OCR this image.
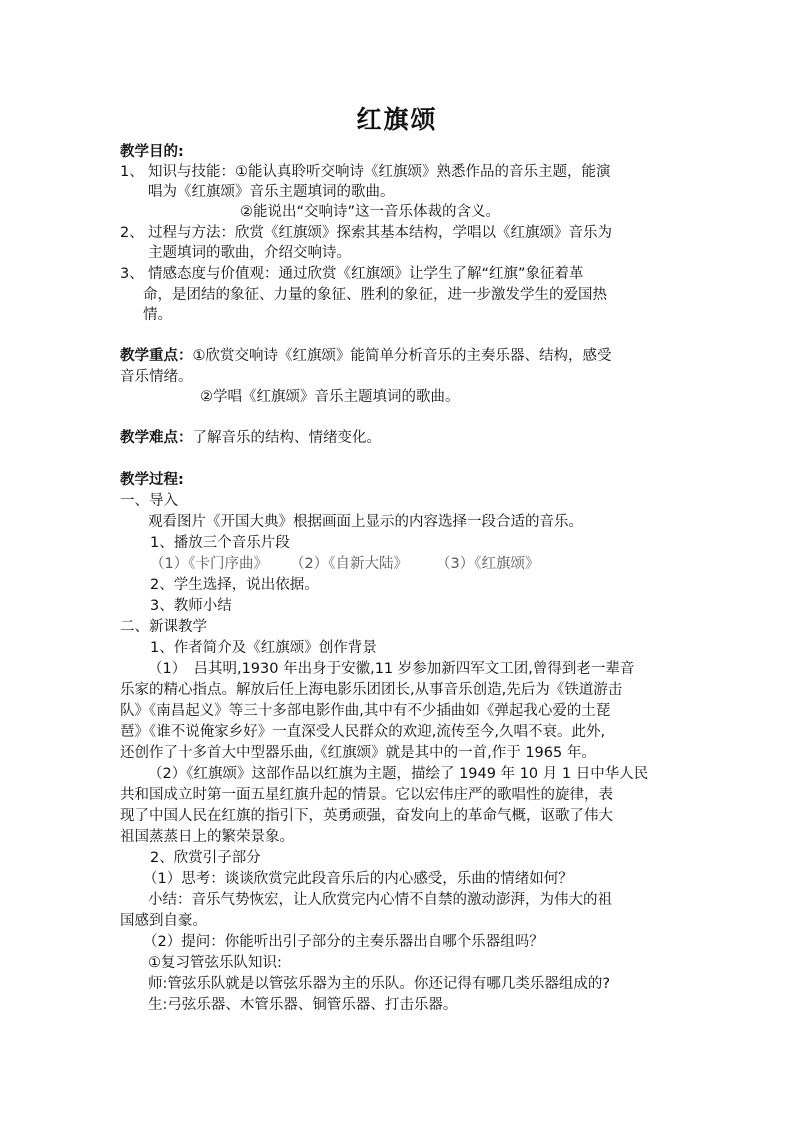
红旗颂
教学目的:
1、 知识与技能：①能认真聆听交响诗《红旗颂》熟悉作品的音乐主题，能演
唱为《红旗颂》音乐主题填词的歌曲。
②能说出“交响诗”这一音乐体裁的含义。
2、 过程与方法：欣赏《红旗颂》探索其基本结构，学唱以《红旗颂》音乐为
主题填词的歌曲，介绍交响诗。
3、 情感态度与价值观：通过欣赏《红旗颂》让学生了解“红旗”象征着革
命，是团结的象征、力量的象征、胜利的象征，进一步激发学生的爱国热
情。
教学重点：①欣赏交响诗《红旗颂》能简单分析音乐的主奏乐器、结构，感受
音乐情绪。
②学唱《红旗颂》音乐主题填词的歌曲。
教学难点：了解音乐的结构、情绪变化。
教学过程:
一、导入
观看图片《开国大典》根据画面上显示的内容选择一段合适的音乐。
1、播放三个音乐片段
（1）《卡门序曲》 （2）《自新大陆》 （3）《红旗颂》
2、学生选择，说出依据。
3、教师小结
二、新课教学
1、作者简介及《红旗颂》创作背景
（1）　吕其明,1930 年出身于安徽,11 岁参加新四军文工团,曾得到老一辈音
乐家的精心指点。解放后任上海电影乐团团长,从事音乐创造,先后为《铁道游击
队》《南昌起义》等三十多部电影作曲,其中有不少插曲如《弹起我心爱的土琵
琶》《谁不说俺家乡好》一直深受人民群众的欢迎,流传至今,久唱不衰。此外,
还创作了十多首大中型器乐曲,《红旗颂》就是其中的一首,作于 1965 年。
（2）《红旗颂》这部作品以红旗为主题，描绘了 1949 年 10 月 1 日中华人民
共和国成立时第一面五星红旗升起的情景。它以宏伟庄严的歌唱性的旋律，表
现了中国人民在红旗的指引下，英勇顽强，奋发向上的革命气概，讴歌了伟大
祖国蒸蒸日上的繁荣景象。
2、欣赏引子部分
（1）思考：谈谈欣赏完此段音乐后的内心感受，乐曲的情绪如何？
小结：音乐气势恢宏，让人欣赏完内心情不自禁的激动澎湃，为伟大的祖
国感到自豪。
（2）提问：你能听出引子部分的主奏乐器出自哪个乐器组吗？
①复习管弦乐队知识:
师:管弦乐队就是以管弦乐器为主的乐队。你还记得有哪几类乐器组成的?
生:弓弦乐器、木管乐器、铜管乐器、打击乐器。
